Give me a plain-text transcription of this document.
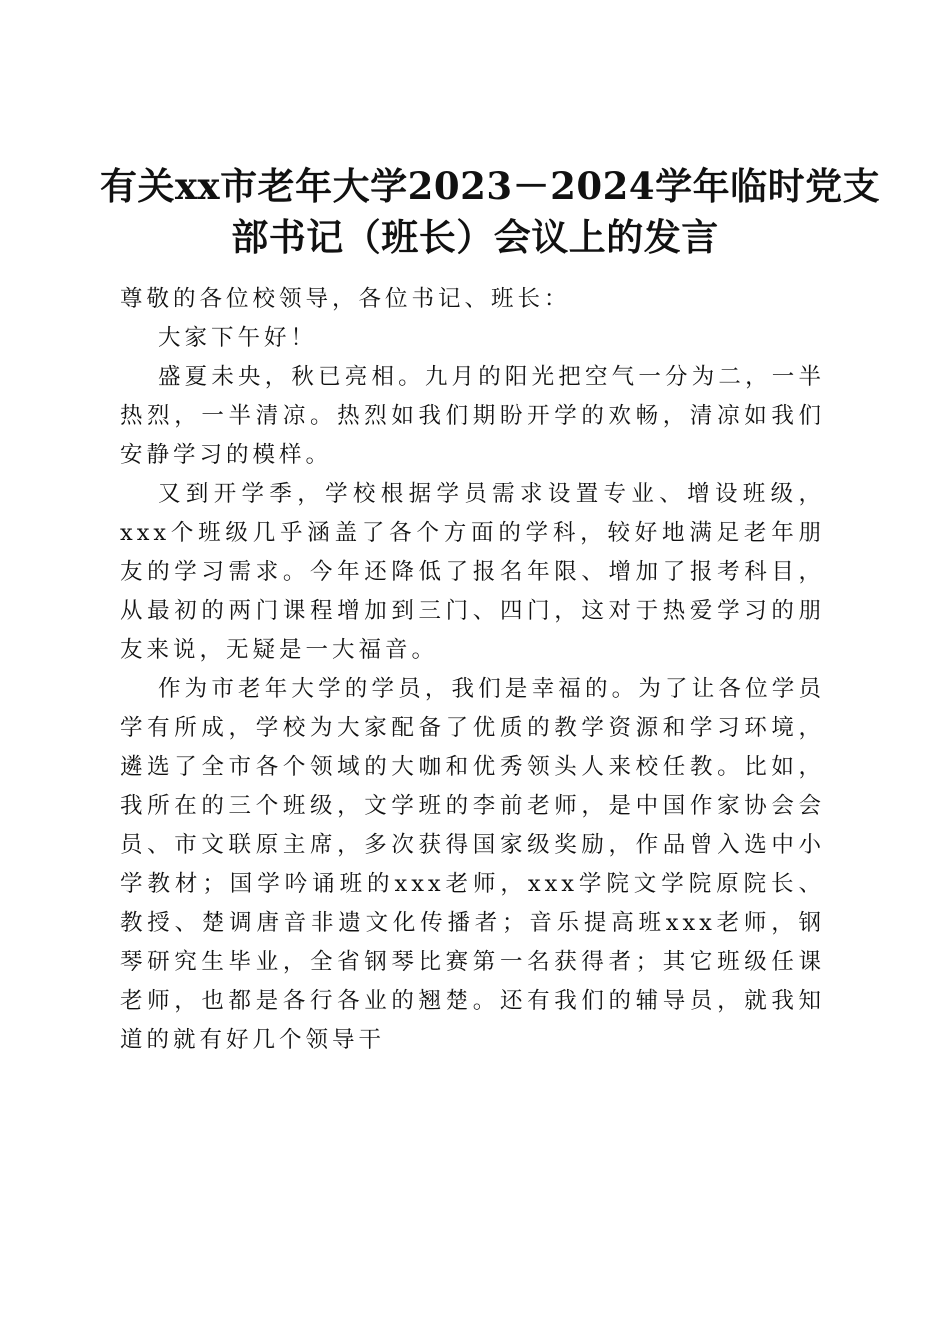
有关xx市老年大学2023－2024学年临时党支
部书记（班长）会议上的发言

尊敬的各位校领导，各位书记、班长：

大家下午好！

盛夏未央，秋已亮相。九月的阳光把空气一分为二，一半热烈，一半清凉。热烈如我们期盼开学的欢畅，清凉如我们安静学习的模样。

又到开学季，学校根据学员需求设置专业、增设班级，xxx个班级几乎涵盖了各个方面的学科，较好地满足老年朋友的学习需求。今年还降低了报名年限、增加了报考科目，从最初的两门课程增加到三门、四门，这对于热爱学习的朋友来说，无疑是一大福音。

作为市老年大学的学员，我们是幸福的。为了让各位学员学有所成，学校为大家配备了优质的教学资源和学习环境，遴选了全市各个领域的大咖和优秀领头人来校任教。比如，我所在的三个班级，文学班的李前老师，是中国作家协会会员、市文联原主席，多次获得国家级奖励，作品曾入选中小学教材；国学吟诵班的xxx老师，xxx学院文学院原院长、教授、楚调唐音非遗文化传播者；音乐提高班xxx老师，钢琴研究生毕业，全省钢琴比赛第一名获得者；其它班级任课老师，也都是各行各业的翘楚。还有我们的辅导员，就我知道的就有好几个领导干
